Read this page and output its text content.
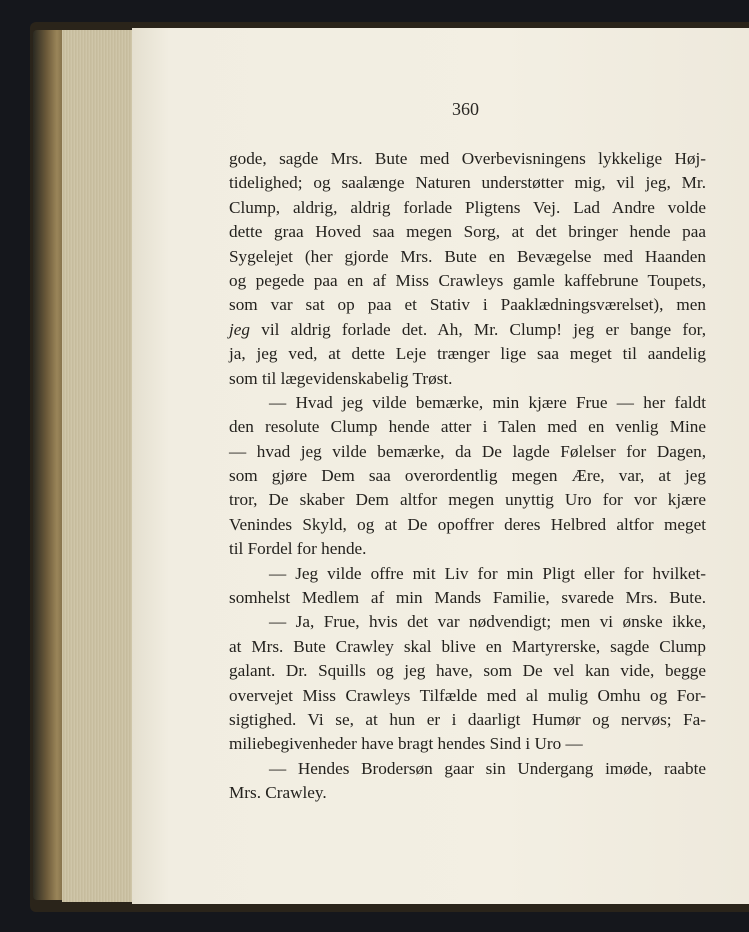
360
gode, sagde Mrs. Bute med Overbevisningens lykkelige Høj-
tidelighed; og saalænge Naturen understøtter mig, vil jeg, Mr.
Clump, aldrig, aldrig forlade Pligtens Vej. Lad Andre volde
dette graa Hoved saa megen Sorg, at det bringer hende paa
Sygelejet (her gjorde Mrs. Bute en Bevægelse med Haanden
og pegede paa en af Miss Crawleys gamle kaffebrune Toupets,
som var sat op paa et Stativ i Paaklædningsværelset), men
jeg vil aldrig forlade det. Ah, Mr. Clump! jeg er bange for,
ja, jeg ved, at dette Leje trænger lige saa meget til aandelig
som til lægevidenskabelig Trøst.
— Hvad jeg vilde bemærke, min kjære Frue — her faldt
den resolute Clump hende atter i Talen med en venlig Mine
— hvad jeg vilde bemærke, da De lagde Følelser for Dagen,
som gjøre Dem saa overordentlig megen Ære, var, at jeg
tror, De skaber Dem altfor megen unyttig Uro for vor kjære
Venindes Skyld, og at De opoffrer deres Helbred altfor meget
til Fordel for hende.
— Jeg vilde offre mit Liv for min Pligt eller for hvilket-
somhelst Medlem af min Mands Familie, svarede Mrs. Bute.
— Ja, Frue, hvis det var nødvendigt; men vi ønske ikke,
at Mrs. Bute Crawley skal blive en Martyrerske, sagde Clump
galant. Dr. Squills og jeg have, som De vel kan vide, begge
overvejet Miss Crawleys Tilfælde med al mulig Omhu og For-
sigtighed. Vi se, at hun er i daarligt Humør og nervøs; Fa-
miliebegivenheder have bragt hendes Sind i Uro —
— Hendes Brodersøn gaar sin Undergang imøde, raabte
Mrs. Crawley.
